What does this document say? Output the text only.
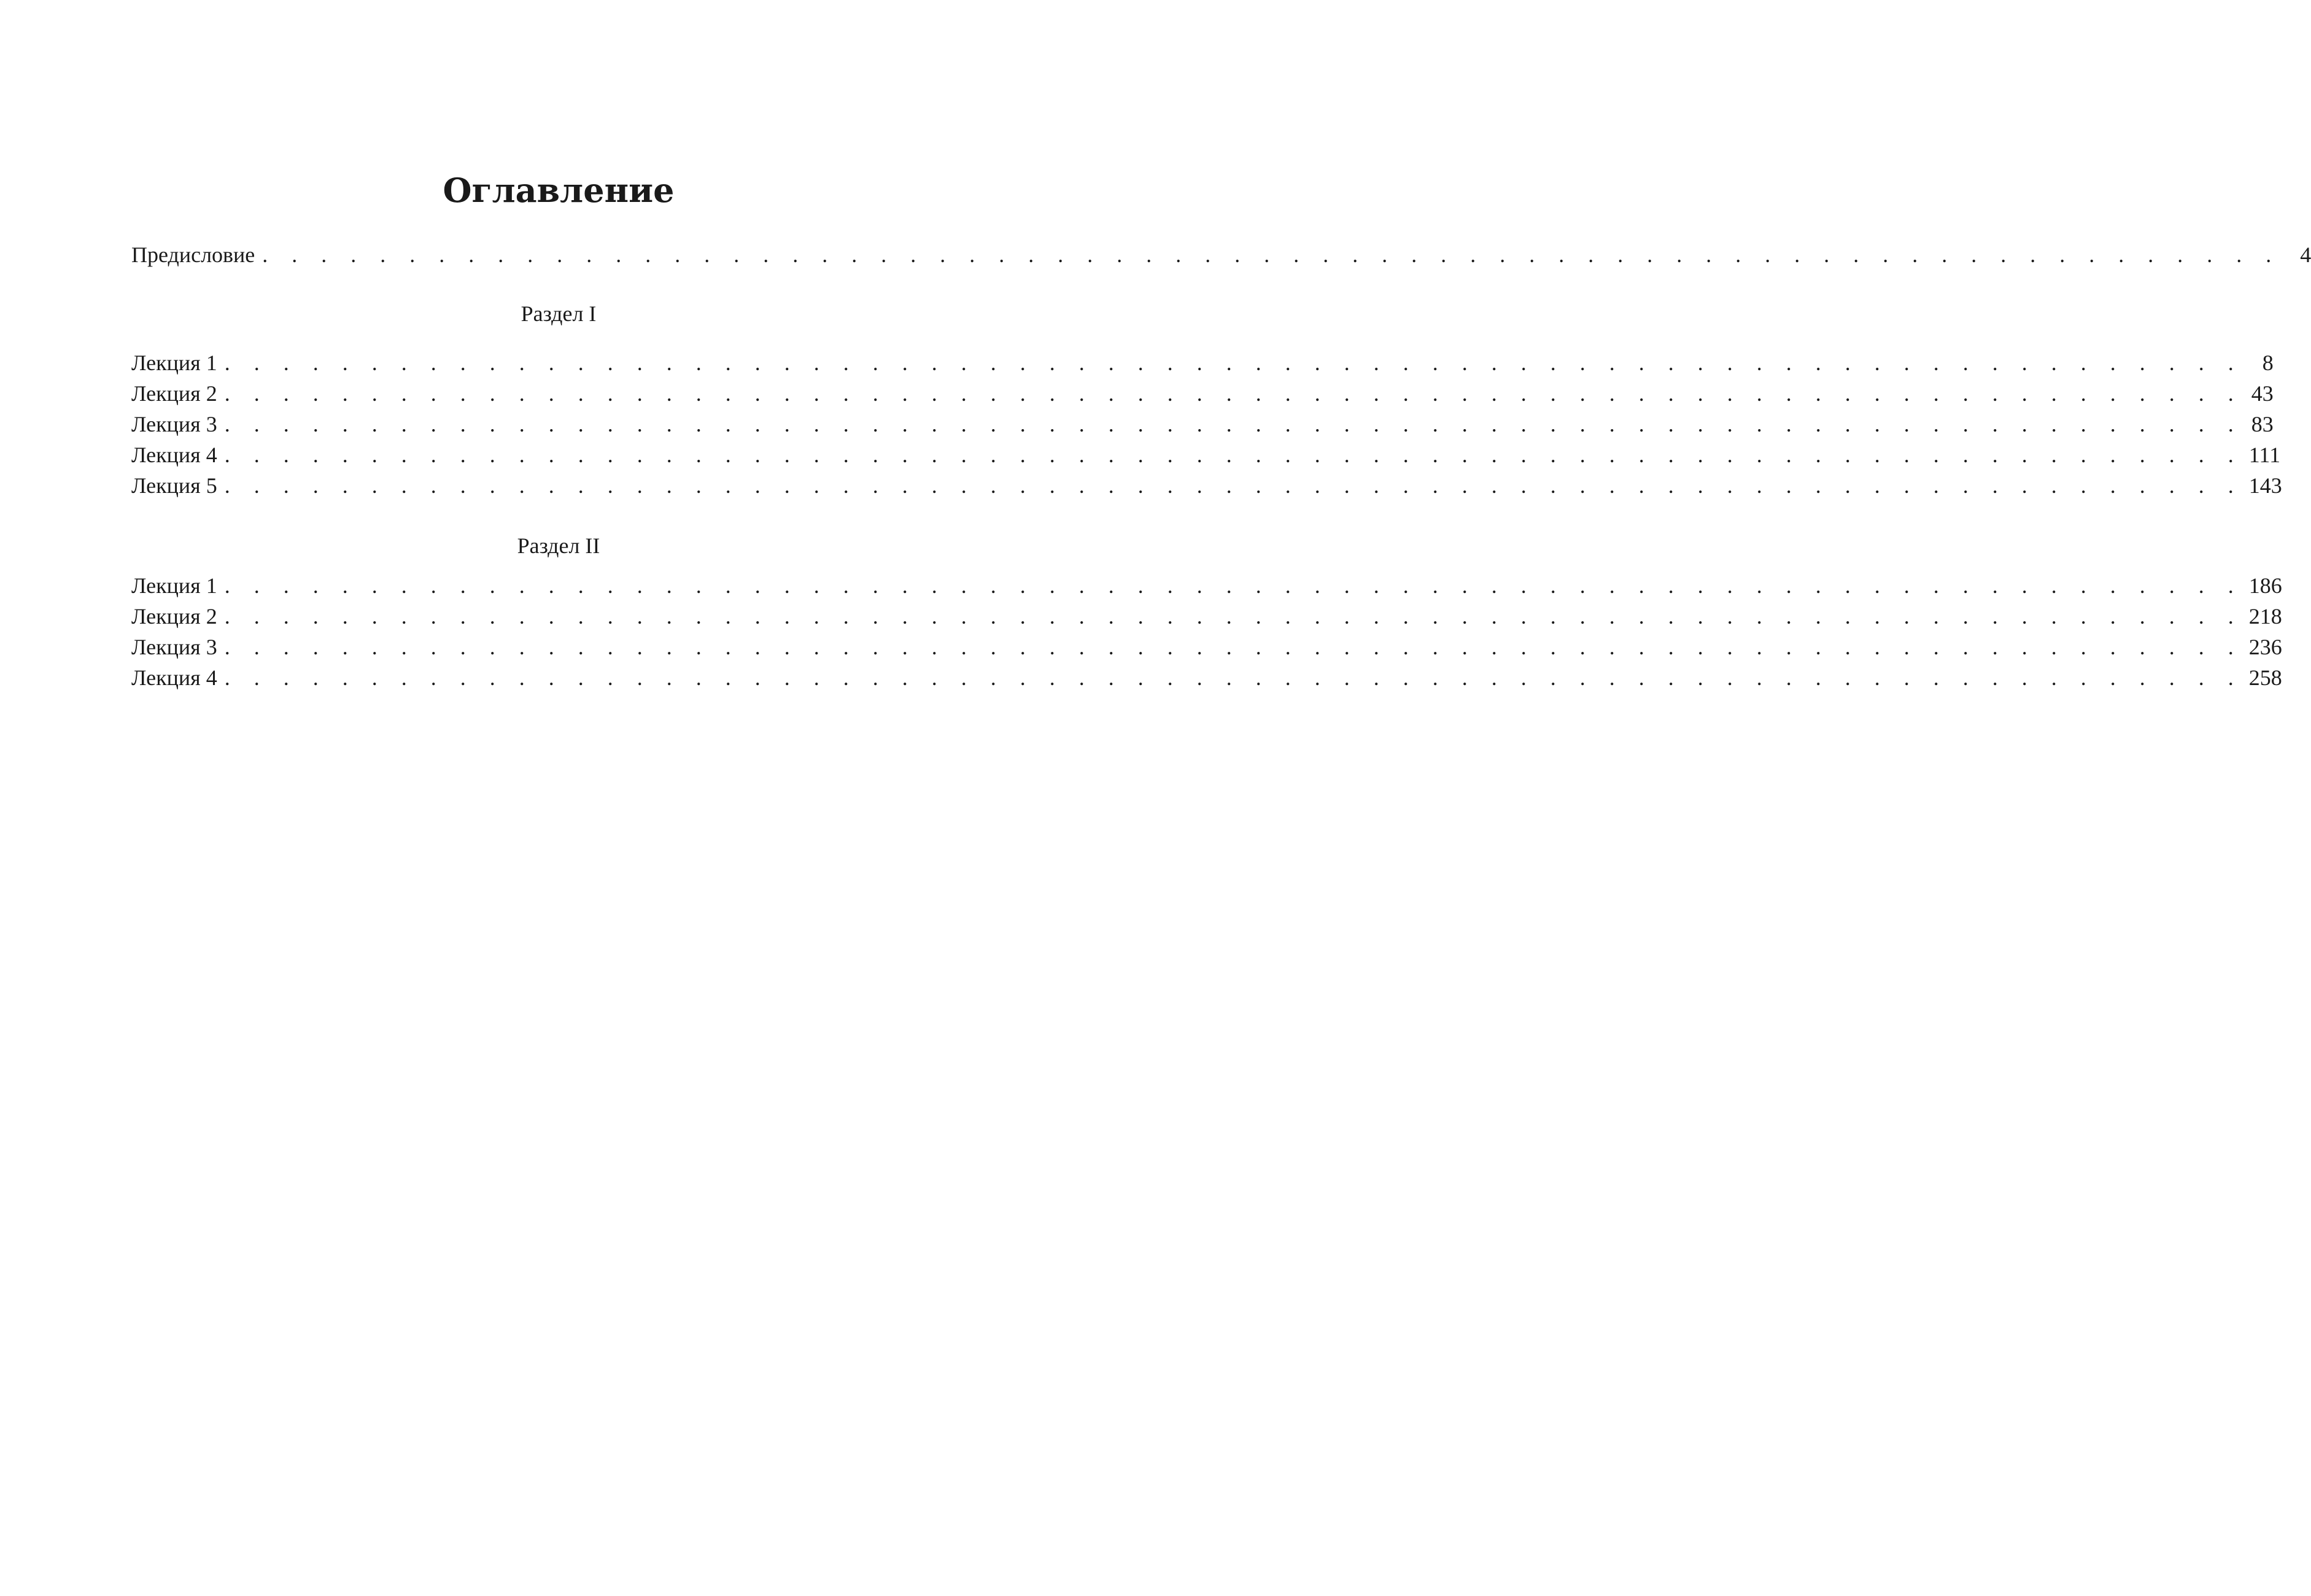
Оглавление
Предисловие . . . . . . . . . . . . . . . . . . . . . . . . . . . . . . . . . . . . . . . . . . . . . . . . . . . . . . . . . . . . . . . . . . . . . 4
Раздел I
Лекция 1 . . . . . . . . . . . . . . . . . . . . . . . . . . . . . . . . . . . . . . . . . . . . . . . . . . . . . . . . . . . . . . . . . . . . . 8
Лекция 2 . . . . . . . . . . . . . . . . . . . . . . . . . . . . . . . . . . . . . . . . . . . . . . . . . . . . . . . . . . . . . . . . . . . . . 43
Лекция 3 . . . . . . . . . . . . . . . . . . . . . . . . . . . . . . . . . . . . . . . . . . . . . . . . . . . . . . . . . . . . . . . . . . . . . 83
Лекция 4 . . . . . . . . . . . . . . . . . . . . . . . . . . . . . . . . . . . . . . . . . . . . . . . . . . . . . . . . . . . . . . . . . . . . . 111
Лекция 5 . . . . . . . . . . . . . . . . . . . . . . . . . . . . . . . . . . . . . . . . . . . . . . . . . . . . . . . . . . . . . . . . . . . . . 143
Раздел II
Лекция 1 . . . . . . . . . . . . . . . . . . . . . . . . . . . . . . . . . . . . . . . . . . . . . . . . . . . . . . . . . . . . . . . . . . . . . 186
Лекция 2 . . . . . . . . . . . . . . . . . . . . . . . . . . . . . . . . . . . . . . . . . . . . . . . . . . . . . . . . . . . . . . . . . . . . . 218
Лекция 3 . . . . . . . . . . . . . . . . . . . . . . . . . . . . . . . . . . . . . . . . . . . . . . . . . . . . . . . . . . . . . . . . . . . . . 236
Лекция 4 . . . . . . . . . . . . . . . . . . . . . . . . . . . . . . . . . . . . . . . . . . . . . . . . . . . . . . . . . . . . . . . . . . . . . 258
